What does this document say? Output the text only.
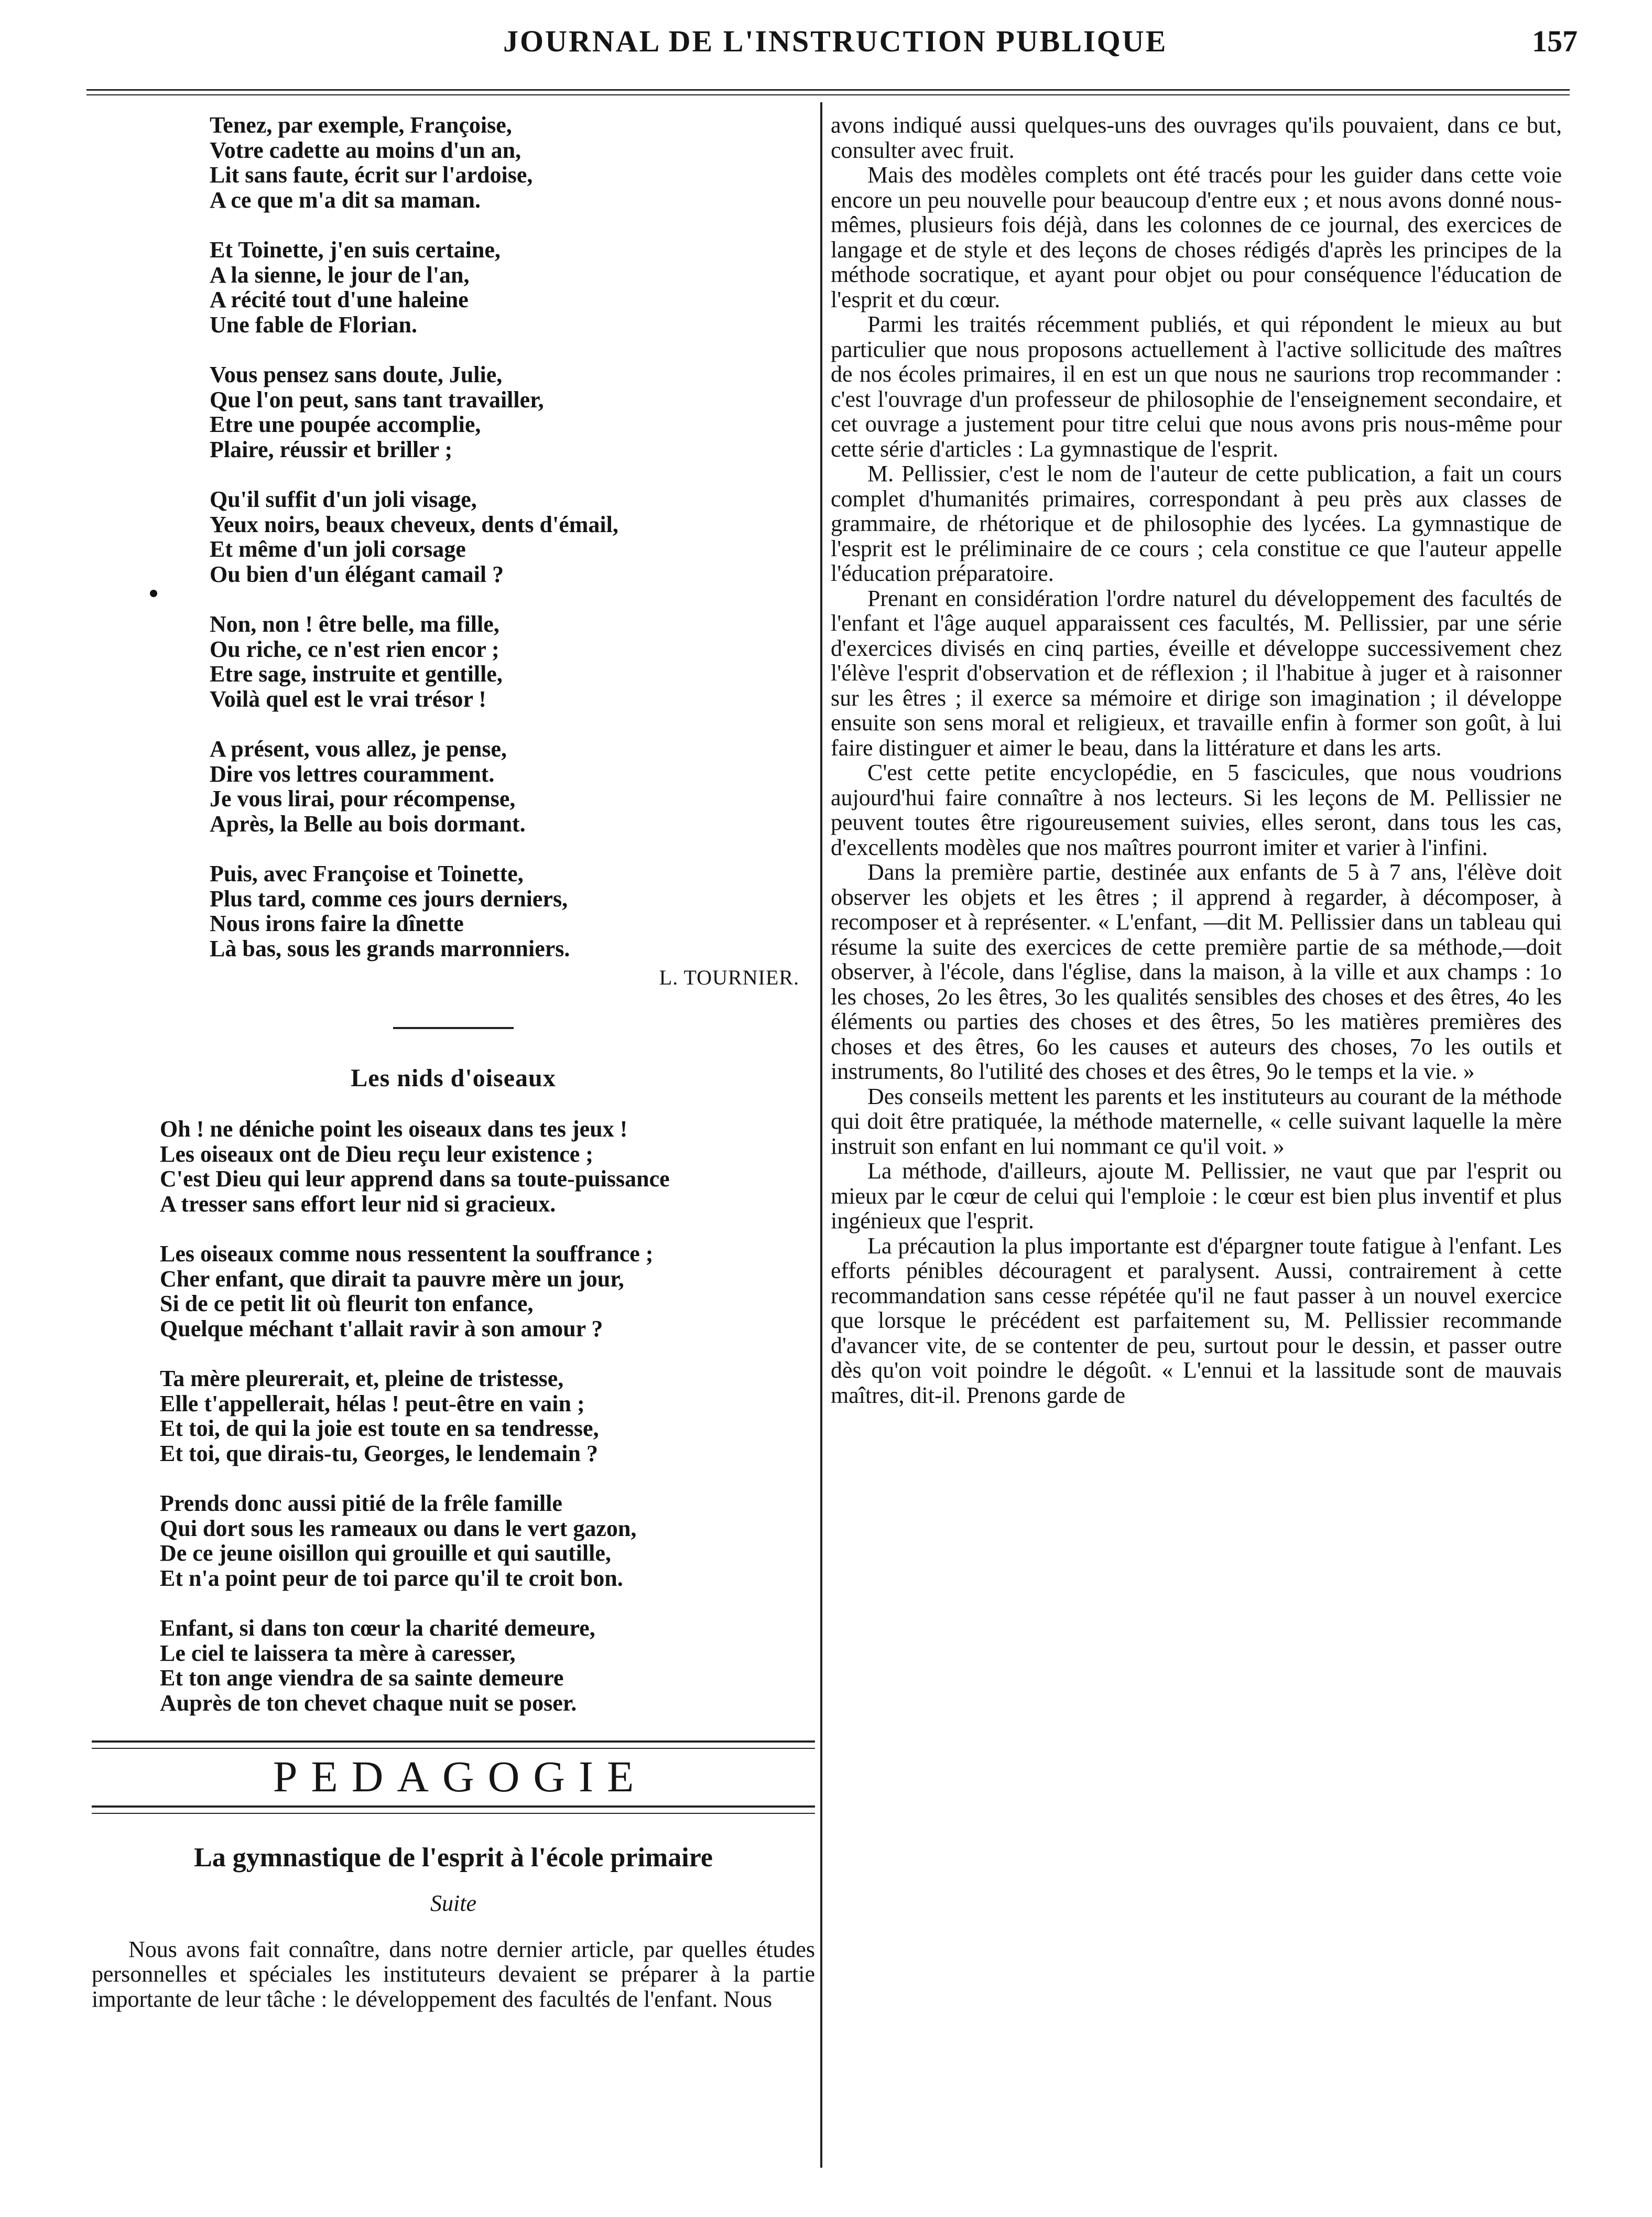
JOURNAL DE L'INSTRUCTION PUBLIQUE	157
Tenez, par exemple, Françoise,
Votre cadette au moins d'un an,
Lit sans faute, écrit sur l'ardoise,
A ce que m'a dit sa maman.
Et Toinette, j'en suis certaine,
A la sienne, le jour de l'an,
A récité tout d'une haleine
Une fable de Florian.
Vous pensez sans doute, Julie,
Que l'on peut, sans tant travailler,
Etre une poupée accomplie,
Plaire, réussir et briller ;
Qu'il suffit d'un joli visage,
Yeux noirs, beaux cheveux, dents d'émail,
Et même d'un joli corsage
Ou bien d'un élégant camail ?
Non, non ! être belle, ma fille,
Ou riche, ce n'est rien encor ;
Etre sage, instruite et gentille,
Voilà quel est le vrai trésor !
A présent, vous allez, je pense,
Dire vos lettres couramment.
Je vous lirai, pour récompense,
Après, la Belle au bois dormant.
Puis, avec Françoise et Toinette,
Plus tard, comme ces jours derniers,
Nous irons faire la dînette
Là bas, sous les grands marronniers.
L. TOURNIER.
Les nids d'oiseaux
Oh ! ne déniche point les oiseaux dans tes jeux !
Les oiseaux ont de Dieu reçu leur existence ;
C'est Dieu qui leur apprend dans sa toute-puissance
A tresser sans effort leur nid si gracieux.
Les oiseaux comme nous ressentent la souffrance ;
Cher enfant, que dirait ta pauvre mère un jour,
Si de ce petit lit où fleurit ton enfance,
Quelque méchant t'allait ravir à son amour ?
Ta mère pleurerait, et, pleine de tristesse,
Elle t'appellerait, hélas ! peut-être en vain ;
Et toi, de qui la joie est toute en sa tendresse,
Et toi, que dirais-tu, Georges, le lendemain ?
Prends donc aussi pitié de la frêle famille
Qui dort sous les rameaux ou dans le vert gazon,
De ce jeune oisillon qui grouille et qui sautille,
Et n'a point peur de toi parce qu'il te croit bon.
Enfant, si dans ton cœur la charité demeure,
Le ciel te laissera ta mère à caresser,
Et ton ange viendra de sa sainte demeure
Auprès de ton chevet chaque nuit se poser.
PEDAGOGIE
La gymnastique de l'esprit à l'école primaire
Suite

Nous avons fait connaître, dans notre dernier article, par quelles études personnelles et spéciales les instituteurs devaient se préparer à la partie importante de leur tâche : le développement des facultés de l'enfant. Nous

avons indiqué aussi quelques-uns des ouvrages qu'ils pouvaient, dans ce but, consulter avec fruit.

Mais des modèles complets ont été tracés pour les guider dans cette voie encore un peu nouvelle pour beaucoup d'entre eux ; et nous avons donné nous-mêmes, plusieurs fois déjà, dans les colonnes de ce journal, des exercices de langage et de style et des leçons de choses rédigés d'après les principes de la méthode socratique, et ayant pour objet ou pour conséquence l'éducation de l'esprit et du cœur.

Parmi les traités récemment publiés, et qui répondent le mieux au but particulier que nous proposons actuellement à l'active sollicitude des maîtres de nos écoles primaires, il en est un que nous ne saurions trop recommander : c'est l'ouvrage d'un professeur de philosophie de l'enseignement secondaire, et cet ouvrage a justement pour titre celui que nous avons pris nous-même pour cette série d'articles : La gymnastique de l'esprit.

M. Pellissier, c'est le nom de l'auteur de cette publication, a fait un cours complet d'humanités primaires, correspondant à peu près aux classes de grammaire, de rhétorique et de philosophie des lycées. La gymnastique de l'esprit est le préliminaire de ce cours ; cela constitue ce que l'auteur appelle l'éducation préparatoire.

Prenant en considération l'ordre naturel du développement des facultés de l'enfant et l'âge auquel apparaissent ces facultés, M. Pellissier, par une série d'exercices divisés en cinq parties, éveille et développe successivement chez l'élève l'esprit d'observation et de réflexion ; il l'habitue à juger et à raisonner sur les êtres ; il exerce sa mémoire et dirige son imagination ; il développe ensuite son sens moral et religieux, et travaille enfin à former son goût, à lui faire distinguer et aimer le beau, dans la littérature et dans les arts.

C'est cette petite encyclopédie, en 5 fascicules, que nous voudrions aujourd'hui faire connaître à nos lecteurs. Si les leçons de M. Pellissier ne peuvent toutes être rigoureusement suivies, elles seront, dans tous les cas, d'excellents modèles que nos maîtres pourront imiter et varier à l'infini.

Dans la première partie, destinée aux enfants de 5 à 7 ans, l'élève doit observer les objets et les êtres ; il apprend à regarder, à décomposer, à recomposer et à représenter. « L'enfant, —dit M. Pellissier dans un tableau qui résume la suite des exercices de cette première partie de sa méthode,—doit observer, à l'école, dans l'église, dans la maison, à la ville et aux champs : 1o les choses, 2o les êtres, 3o les qualités sensibles des choses et des êtres, 4o les éléments ou parties des choses et des êtres, 5o les matières premières des choses et des êtres, 6o les causes et auteurs des choses, 7o les outils et instruments, 8o l'utilité des choses et des êtres, 9o le temps et la vie. »

Des conseils mettent les parents et les instituteurs au courant de la méthode qui doit être pratiquée, la méthode maternelle, « celle suivant laquelle la mère instruit son enfant en lui nommant ce qu'il voit. »

La méthode, d'ailleurs, ajoute M. Pellissier, ne vaut que par l'esprit ou mieux par le cœur de celui qui l'emploie : le cœur est bien plus inventif et plus ingénieux que l'esprit.

La précaution la plus importante est d'épargner toute fatigue à l'enfant. Les efforts pénibles découragent et paralysent. Aussi, contrairement à cette recommandation sans cesse répétée qu'il ne faut passer à un nouvel exercice que lorsque le précédent est parfaitement su, M. Pellissier recommande d'avancer vite, de se contenter de peu, surtout pour le dessin, et passer outre dès qu'on voit poindre le dégoût. « L'ennui et la lassitude sont de mauvais maîtres, dit-il. Prenons garde de
